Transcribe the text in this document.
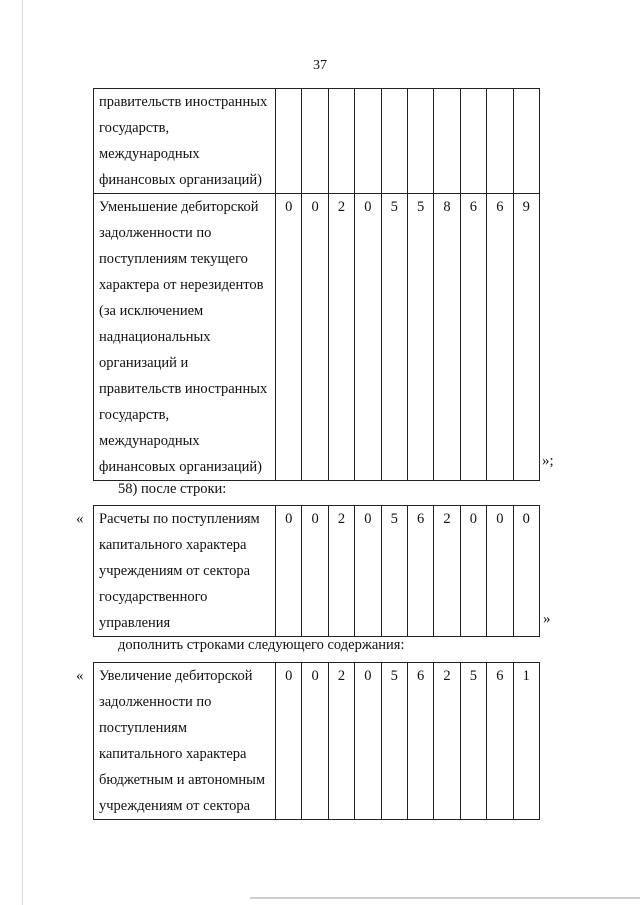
37
правительств иностранных государств, международных финансовых организаций)										
Уменьшение дебиторской задолженности по поступлениям текущего характера от нерезидентов (за исключением наднациональных организаций и правительств иностранных государств, международных финансовых организаций)	0	0	2	0	5	5	8	6	6	9
»;
58) после строки:
« Расчеты по поступлениям капитального характера учреждениям от сектора государственного управления	0	0	2	0	5	6	2	0	0	0
»
дополнить строками следующего содержания:
« Увеличение дебиторской задолженности по поступлениям капитального характера бюджетным и автономным учреждениям от сектора	0	0	2	0	5	6	2	5	6	1
